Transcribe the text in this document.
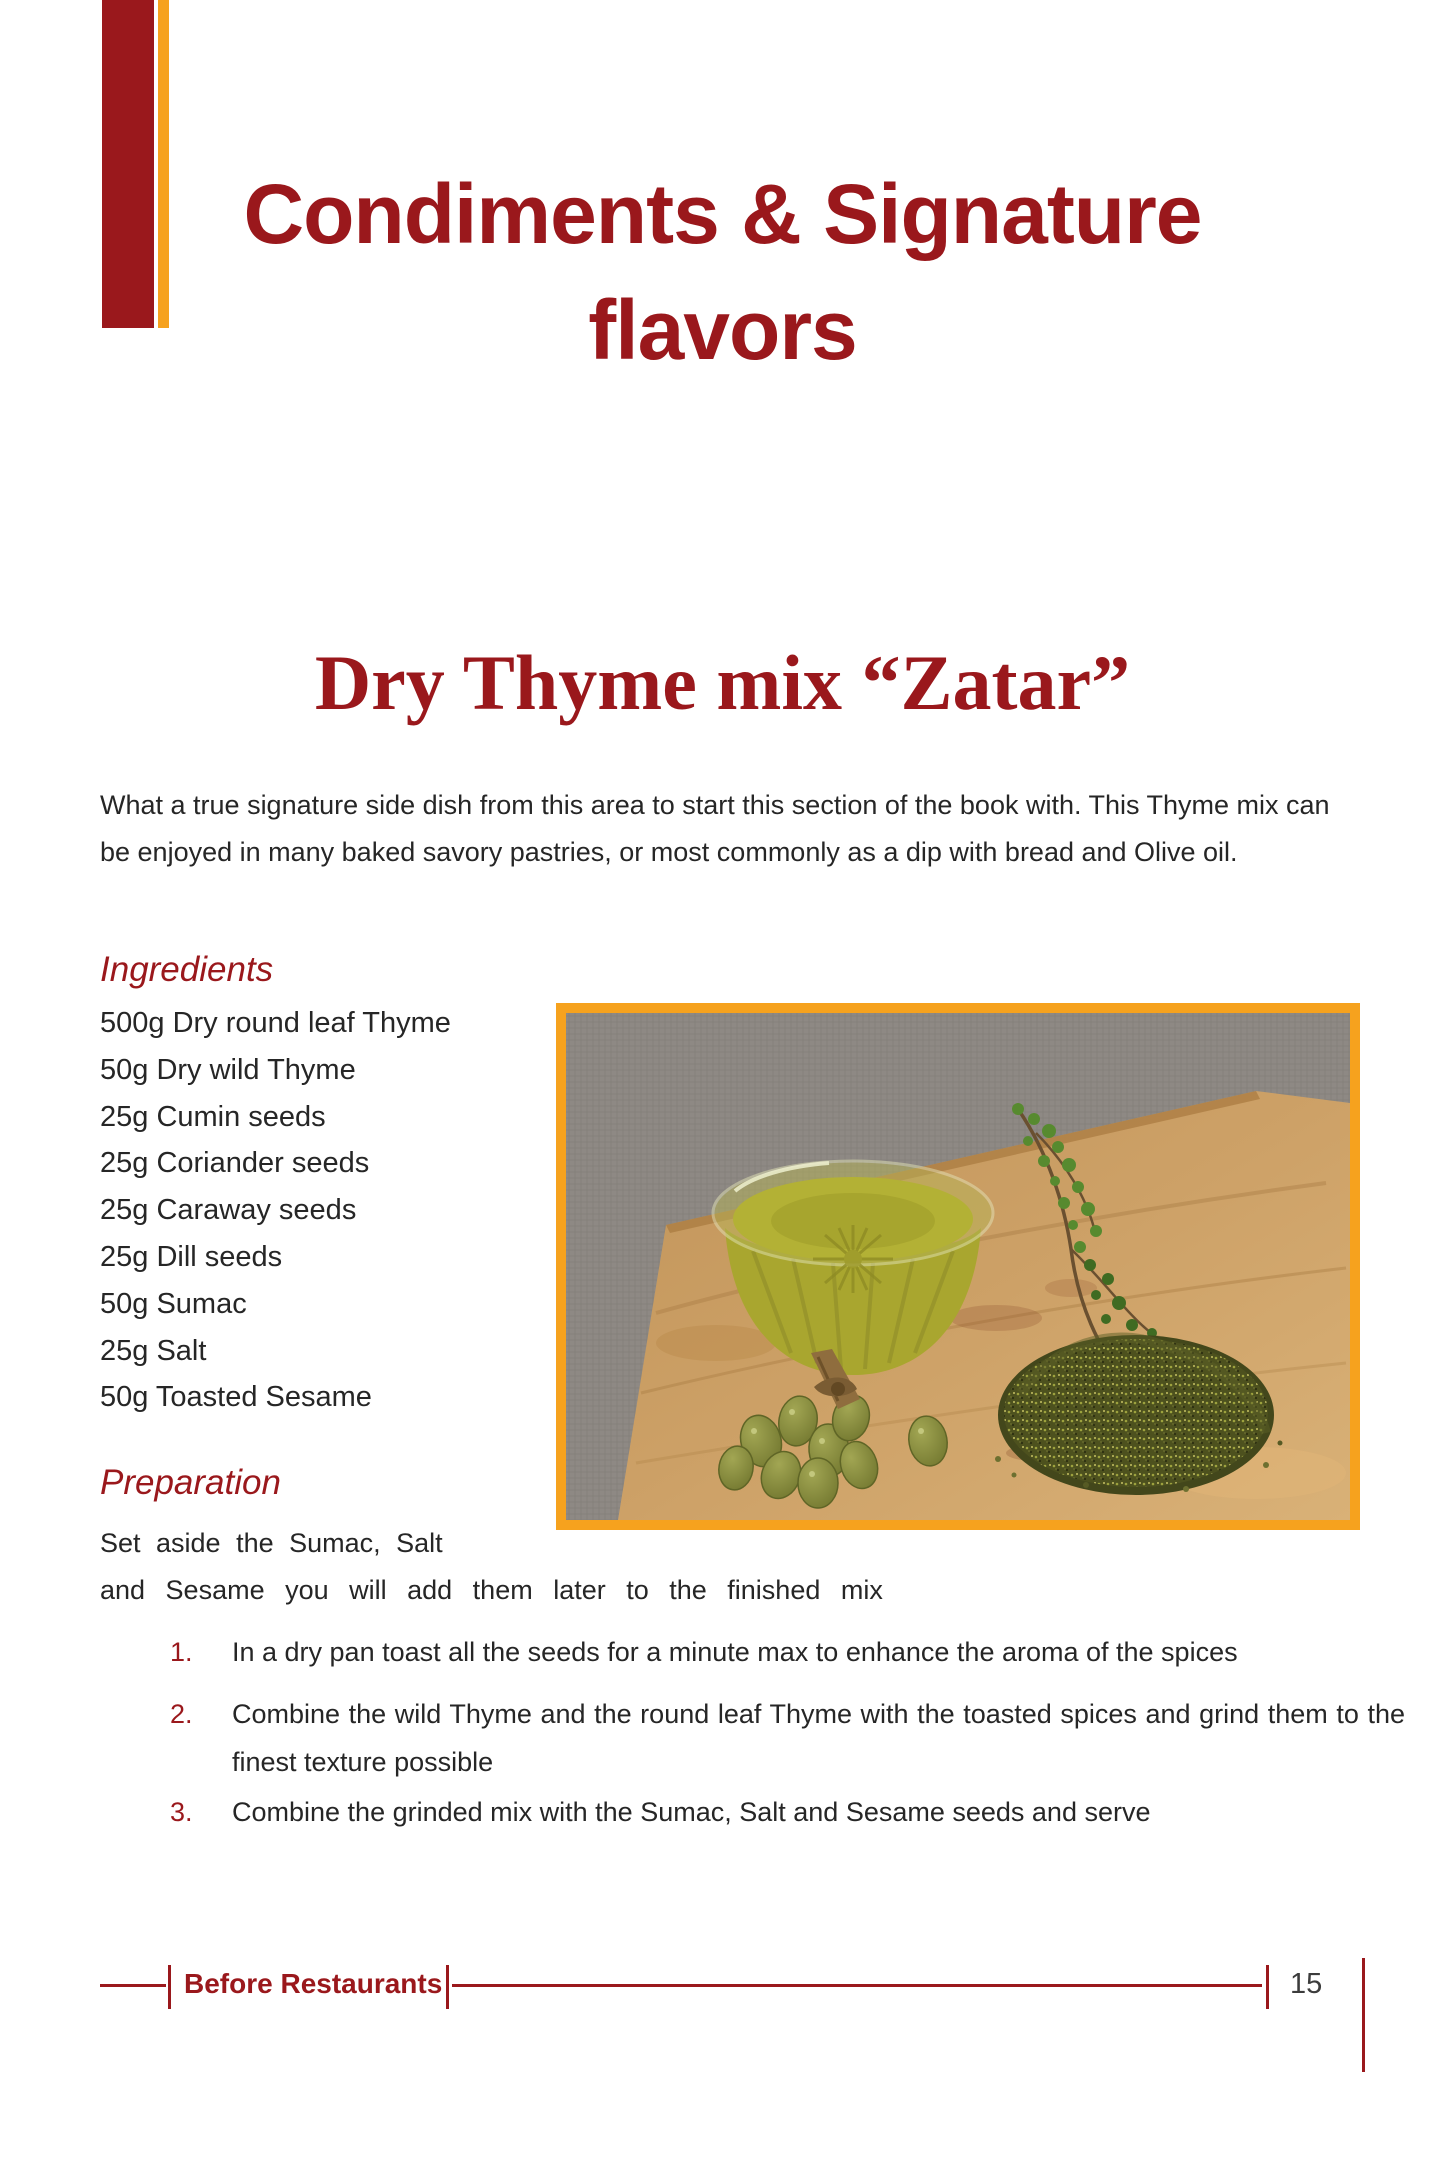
Condiments & Signature
flavors
Dry Thyme mix “Zatar”
What a true signature side dish from this area to start this section of the book with. This Thyme mix can be enjoyed in many baked savory pastries, or most commonly as a dip with bread and Olive oil.
Ingredients
500g Dry round leaf Thyme
50g Dry wild Thyme
25g Cumin seeds
25g Coriander seeds
25g Caraway seeds
25g Dill seeds
50g Sumac
25g Salt
50g Toasted Sesame
Preparation
Set aside the Sumac, Salt
and Sesame you will add them later to the finished mix
1.	In a dry pan toast all the seeds for a minute max to enhance the aroma of the spices
2.	Combine the wild Thyme and the round leaf Thyme with the toasted spices and grind them to the finest texture possible
3.	Combine the grinded mix with the Sumac, Salt and Sesame seeds and serve
Before Restaurants	15
